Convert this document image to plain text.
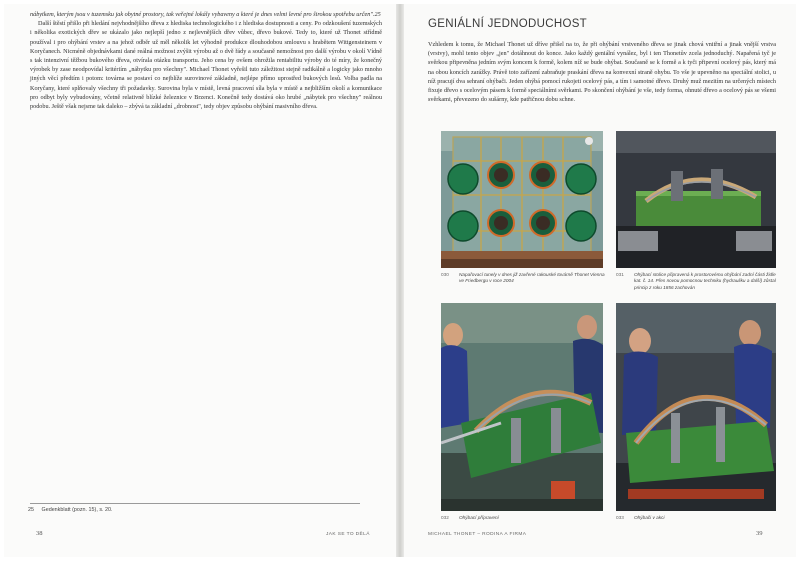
nábytkem, kterým jsou v tuzemsku jak obytné prostory, tak veřejné lokály vybaveny a které je dnes velmi levné pro širokou spotřebu určen".25

Další štěstí přišlo při hledání nejvhodnějšího dřeva z hlediska technologického i z hlediska dostupnosti a ceny. Po odzkoušení tuzemských i několika exotických dřev se ukázalo jako nejlepší jedno z nejlevnějších dřev vůbec, dřevo bukové. Tedy to, které už Thonet střídmě používal i pro ohýbání vrstev a na jehož odběr už měl několik let výhodně produkce dlouhodobou smlouvu s hrabětem Wittgensteinem v Koryčanech. Nicméně objednávkami dané reálná možnost zvýšit výrobu až o dvě řády a současně nemožnost pro další výrobu v okolí Vídně s tak intenzivní těžbou bukového dřeva, otvírala otázku transportu. Jeho cena by ovšem ohrožila rentabilitu výroby do té míry, že konečný výrobek by zase neodpovídal kritériím „nábytku pro všechny". Michael Thonet vyřešil tuto záležitost stejně radikálně a logicky jako mnoho jiných věcí předtím i potom: továrna se postaví co nejblíže surovinové základně, nejlépe přímo uprostřed bukových lesů. Volba padla na Koryčany, které splňovaly všechny tři požadavky. Surovina byla v místě, levná pracovní síla byla v místě a nejbližším okolí a komunikace pro odbyt byly vybudovány, včetně relativně blízké železnice v Brzenci. Konečně tedy dostává oko hrubé „nábytek pro všechny" reálnou podobu. Ještě však nejsme tak daleko – zbývá ta základní „drobnost", tedy objev způsobu ohýbání masivního dřeva.

25 Gedenkblatt (pozn. 15), s. 20.
38	JAK SE TO DĚLÁ
GENIÁLNÍ JEDNODUCHOST

Vzhledem k tomu, že Michael Thonet už dříve přišel na to, že při ohýbání vrstveného dřeva se jinak chová vnitřní a jinak vnější vrstva (vrstvy), mohl tento objev „jen" dotáhnout do konce. Jako každý geniální vynález, byl i ten Thonetův zcela jednoduchý. Napařená tyč je svěrkou připevněna jedním svým koncem k formě, kolem níž se bude ohýbat. Současně se k formě a k tyči připevní ocelový pás, který má na obou koncích zarážky. Právě toto zařízení zabraňuje praskání dřeva na konvexní straně ohybu. To vše je upevněno na speciální stolici, u níž pracují dva sehraní ohýbači. Jeden ohýbá pomocí rukojeti ocelový pás, a tím i samotné dřevo. Druhý muž mezitím na určených místech fixuje dřevo s ocelovým pásem k formě speciálními svěrkami. Po skončení ohýbání je vše, tedy forma, ohnuté dřevo a ocelový pás se všemi svěrkami, převezeno do sušárny, kde patřičnou dobu schne.

030 Napařovací tunely v dnes již zavřené rakouské továrně Thonet Vienna ve Friedbergu v roce 2004
031 Ohýbací stolice připravená k prostorovému ohýbání zadní části židle kat. č. 14. Přes novou pomocnou techniku (hydrauliku a další) zůstal princip z roku 1856 zachován
032 Ohýbací přípravení	033 Ohýbači v akci
MICHAEL THONET – RODINA A FIRMA	39
